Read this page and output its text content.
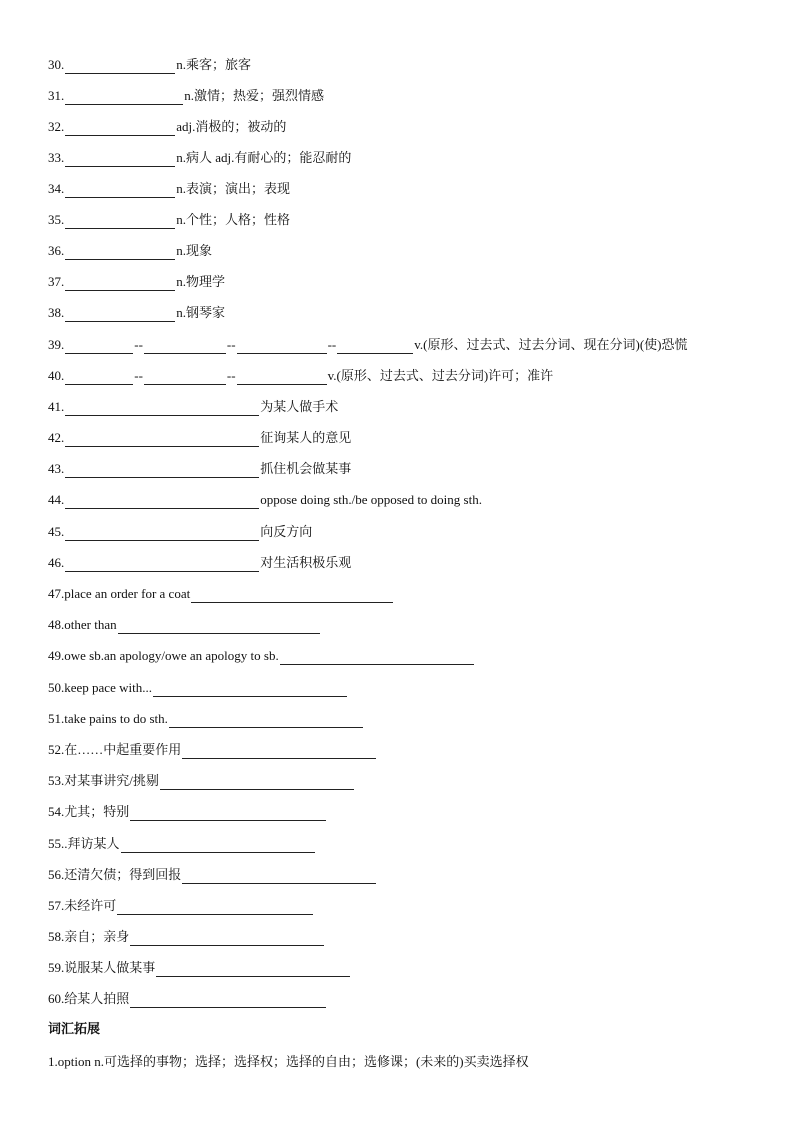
30.	n.乘客；旅客
31.	n.激情；热爱；强烈情感
32.	adj.消极的；被动的
33.	n.病人 adj.有耐心的；能忍耐的
34.	n.表演；演出；表现
35.	n.个性；人格；性格
36.	n.现象
37.	n.物理学
38.	n.钢琴家
39.	--	--	--	v.(原形、过去式、过去分词、现在分词)(使)恐慌
40.	--	--	v.(原形、过去式、过去分词)许可；准许
41.	为某人做手术
42.	征询某人的意见
43.	抓住机会做某事
44.	oppose doing sth./be opposed to doing sth.
45.	向反方向
46.	对生活积极乐观
47. place an order for a coat
48. other than
49. owe sb.an apology/owe an apology to sb.
50. keep pace with...
51. take pains to do sth.
52. 在……中起重要作用
53. 对某事讲究/挑剔
54. 尤其；特别
55. .拜访某人
56. 还清欠债；得到回报
57. 未经许可
58. 亲自；亲身
59. 说服某人做某事
60. 给某人拍照
词汇拓展
1.option n.可选择的事物；选择；选择权；选择的自由；选修课；(未来的)买卖选择权
